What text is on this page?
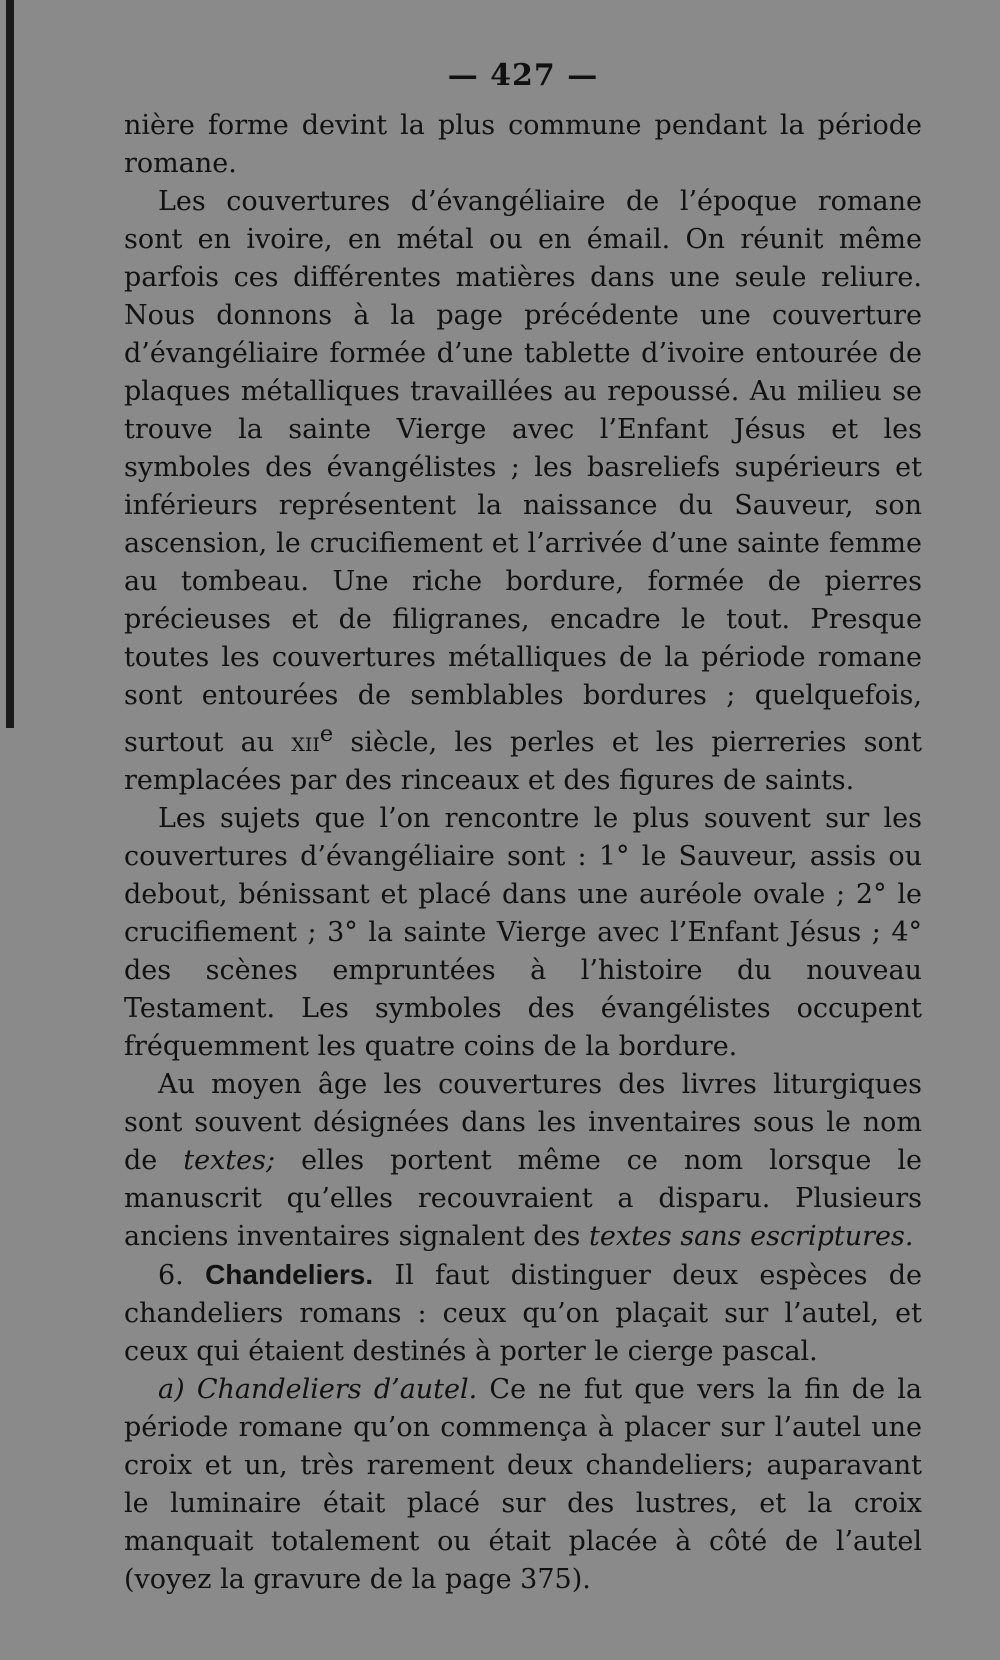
— 427 —

nière forme devint la plus commune pendant la période romane.

Les couvertures d’évangéliaire de l’époque romane sont en ivoire, en métal ou en émail. On réunit même parfois ces différentes matières dans une seule reliure. Nous donnons à la page précédente une couverture d’évangéliaire formée d’une tablette d’ivoire entourée de plaques métalliques travaillées au repoussé. Au milieu se trouve la sainte Vierge avec l’Enfant Jésus et les symboles des évangélistes ; les basreliefs supérieurs et inférieurs représentent la naissance du Sauveur, son ascension, le crucifiement et l’arrivée d’une sainte femme au tombeau. Une riche bordure, formée de pierres précieuses et de filigranes, encadre le tout. Presque toutes les couvertures métalliques de la période romane sont entourées de semblables bordures ; quelquefois, surtout au xii$^e$ siècle, les perles et les pierreries sont remplacées par des rinceaux et des figures de saints.

Les sujets que l’on rencontre le plus souvent sur les couvertures d’évangéliaire sont : 1° le Sauveur, assis ou debout, bénissant et placé dans une auréole ovale ; 2° le crucifiement ; 3° la sainte Vierge avec l’Enfant Jésus ; 4° des scènes empruntées à l’histoire du nouveau Testament. Les symboles des évangélistes occupent fréquemment les quatre coins de la bordure.

Au moyen âge les couvertures des livres liturgiques sont souvent désignées dans les inventaires sous le nom de textes; elles portent même ce nom lorsque le manuscrit qu’elles recouvraient a disparu. Plusieurs anciens inventaires signalent des textes sans escriptures.

6. Chandeliers. Il faut distinguer deux espèces de chandeliers romans : ceux qu’on plaçait sur l’autel, et ceux qui étaient destinés à porter le cierge pascal.

a) Chandeliers d’autel. Ce ne fut que vers la fin de la période romane qu’on commença à placer sur l’autel une croix et un, très rarement deux chandeliers; auparavant le luminaire était placé sur des lustres, et la croix manquait totalement ou était placée à côté de l’autel (voyez la gravure de la page 375).
